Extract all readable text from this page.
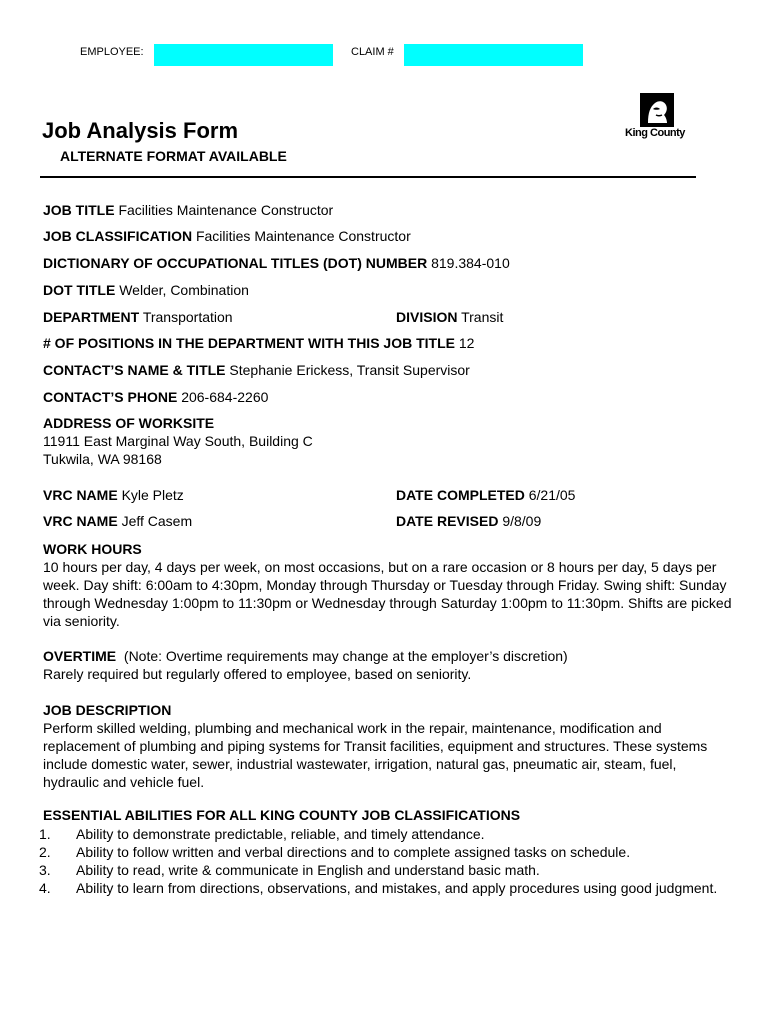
EMPLOYEE:	CLAIM #
King County
Job Analysis Form
ALTERNATE FORMAT AVAILABLE
JOB TITLE Facilities Maintenance Constructor
JOB CLASSIFICATION Facilities Maintenance Constructor
DICTIONARY OF OCCUPATIONAL TITLES (DOT) NUMBER 819.384-010
DOT TITLE Welder, Combination
DEPARTMENT Transportation	DIVISION Transit
# OF POSITIONS IN THE DEPARTMENT WITH THIS JOB TITLE 12
CONTACT’S NAME & TITLE Stephanie Erickess, Transit Supervisor
CONTACT’S PHONE 206-684-2260
ADDRESS OF WORKSITE
11911 East Marginal Way South, Building C
Tukwila, WA 98168
VRC NAME Kyle Pletz	DATE COMPLETED 6/21/05
VRC NAME Jeff Casem	DATE REVISED 9/8/09
WORK HOURS
10 hours per day, 4 days per week, on most occasions, but on a rare occasion or 8 hours per day, 5 days per week. Day shift: 6:00am to 4:30pm, Monday through Thursday or Tuesday through Friday. Swing shift: Sunday through Wednesday 1:00pm to 11:30pm or Wednesday through Saturday 1:00pm to 11:30pm. Shifts are picked via seniority.
OVERTIME (Note: Overtime requirements may change at the employer’s discretion)
Rarely required but regularly offered to employee, based on seniority.
JOB DESCRIPTION
Perform skilled welding, plumbing and mechanical work in the repair, maintenance, modification and replacement of plumbing and piping systems for Transit facilities, equipment and structures. These systems include domestic water, sewer, industrial wastewater, irrigation, natural gas, pneumatic air, steam, fuel, hydraulic and vehicle fuel.
ESSENTIAL ABILITIES FOR ALL KING COUNTY JOB CLASSIFICATIONS
1. Ability to demonstrate predictable, reliable, and timely attendance.
2. Ability to follow written and verbal directions and to complete assigned tasks on schedule.
3. Ability to read, write & communicate in English and understand basic math.
4. Ability to learn from directions, observations, and mistakes, and apply procedures using good judgment.
